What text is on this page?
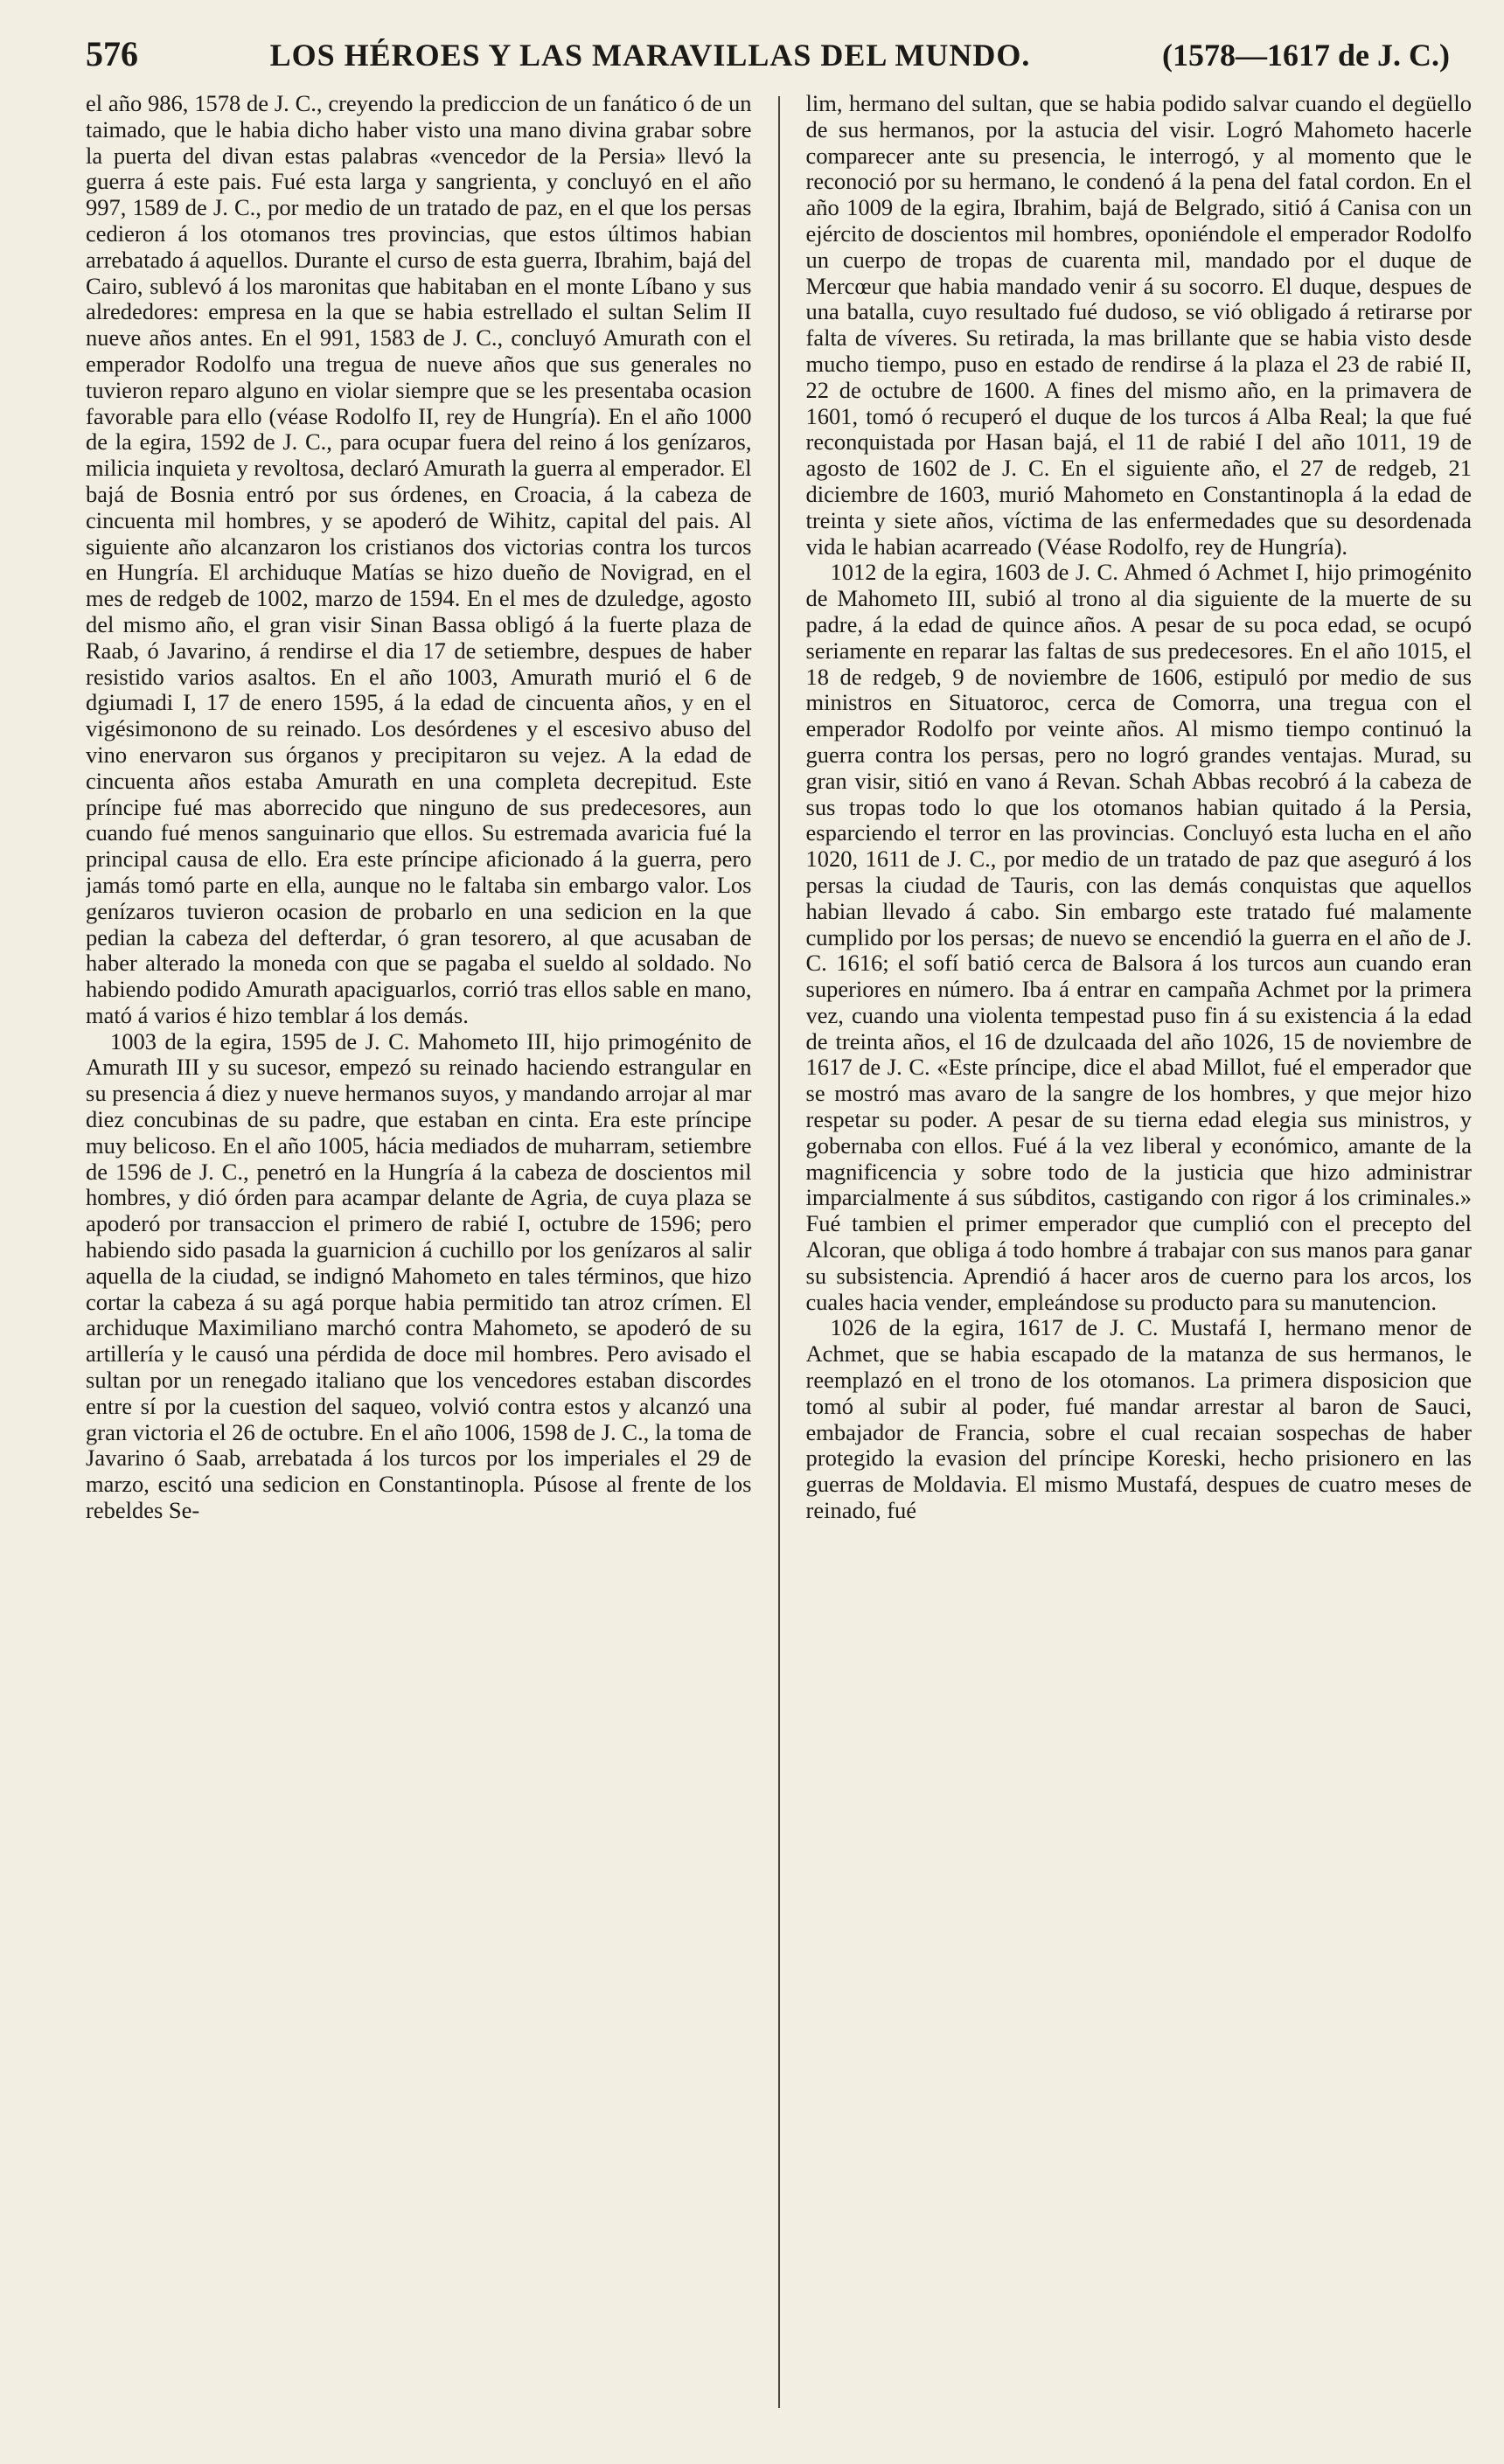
576	LOS HÉROES Y LAS MARAVILLAS DEL MUNDO.	(1578—1617 de J. C.)

el año 986, 1578 de J. C., creyendo la prediccion de un fanático ó de un taimado, que le habia dicho haber visto una mano divina grabar sobre la puerta del divan estas palabras «vencedor de la Persia» llevó la guerra á este pais. Fué esta larga y sangrienta, y concluyó en el año 997, 1589 de J. C., por medio de un tratado de paz, en el que los persas cedieron á los otomanos tres provincias, que estos últimos habian arrebatado á aquellos. Durante el curso de esta guerra, Ibrahim, bajá del Cairo, sublevó á los maronitas que habitaban en el monte Líbano y sus alrededores: empresa en la que se habia estrellado el sultan Selim II nueve años antes. En el 991, 1583 de J. C., concluyó Amurath con el emperador Rodolfo una tregua de nueve años que sus generales no tuvieron reparo alguno en violar siempre que se les presentaba ocasion favorable para ello (véase Rodolfo II, rey de Hungría). En el año 1000 de la egira, 1592 de J. C., para ocupar fuera del reino á los genízaros, milicia inquieta y revoltosa, declaró Amurath la guerra al emperador. El bajá de Bosnia entró por sus órdenes, en Croacia, á la cabeza de cincuenta mil hombres, y se apoderó de Wihitz, capital del pais. Al siguiente año alcanzaron los cristianos dos victorias contra los turcos en Hungría. El archiduque Matías se hizo dueño de Novigrad, en el mes de redgeb de 1002, marzo de 1594. En el mes de dzuledge, agosto del mismo año, el gran visir Sinan Bassa obligó á la fuerte plaza de Raab, ó Javarino, á rendirse el dia 17 de setiembre, despues de haber resistido varios asaltos. En el año 1003, Amurath murió el 6 de dgiumadi I, 17 de enero 1595, á la edad de cincuenta años, y en el vigésimonono de su reinado. Los desórdenes y el escesivo abuso del vino enervaron sus órganos y precipitaron su vejez. A la edad de cincuenta años estaba Amurath en una completa decrepitud. Este príncipe fué mas aborrecido que ninguno de sus predecesores, aun cuando fué menos sanguinario que ellos. Su estremada avaricia fué la principal causa de ello. Era este príncipe aficionado á la guerra, pero jamás tomó parte en ella, aunque no le faltaba sin embargo valor. Los genízaros tuvieron ocasion de probarlo en una sedicion en la que pedian la cabeza del defterdar, ó gran tesorero, al que acusaban de haber alterado la moneda con que se pagaba el sueldo al soldado. No habiendo podido Amurath apaciguarlos, corrió tras ellos sable en mano, mató á varios é hizo temblar á los demás.

1003 de la egira, 1595 de J. C. Mahometo III, hijo primogénito de Amurath III y su sucesor, empezó su reinado haciendo estrangular en su presencia á diez y nueve hermanos suyos, y mandando arrojar al mar diez concubinas de su padre, que estaban en cinta. Era este príncipe muy belicoso. En el año 1005, hácia mediados de muharram, setiembre de 1596 de J. C., penetró en la Hungría á la cabeza de doscientos mil hombres, y dió órden para acampar delante de Agria, de cuya plaza se apoderó por transaccion el primero de rabié I, octubre de 1596; pero habiendo sido pasada la guarnicion á cuchillo por los genízaros al salir aquella de la ciudad, se indignó Mahometo en tales términos, que hizo cortar la cabeza á su agá porque habia permitido tan atroz crímen. El archiduque Maximiliano marchó contra Mahometo, se apoderó de su artillería y le causó una pérdida de doce mil hombres. Pero avisado el sultan por un renegado italiano que los vencedores estaban discordes entre sí por la cuestion del saqueo, volvió contra estos y alcanzó una gran victoria el 26 de octubre. En el año 1006, 1598 de J. C., la toma de Javarino ó Saab, arrebatada á los turcos por los imperiales el 29 de marzo, escitó una sedicion en Constantinopla. Púsose al frente de los rebeldes Se-

lim, hermano del sultan, que se habia podido salvar cuando el degüello de sus hermanos, por la astucia del visir. Logró Mahometo hacerle comparecer ante su presencia, le interrogó, y al momento que le reconoció por su hermano, le condenó á la pena del fatal cordon. En el año 1009 de la egira, Ibrahim, bajá de Belgrado, sitió á Canisa con un ejército de doscientos mil hombres, oponiéndole el emperador Rodolfo un cuerpo de tropas de cuarenta mil, mandado por el duque de Mercœur que habia mandado venir á su socorro. El duque, despues de una batalla, cuyo resultado fué dudoso, se vió obligado á retirarse por falta de víveres. Su retirada, la mas brillante que se habia visto desde mucho tiempo, puso en estado de rendirse á la plaza el 23 de rabié II, 22 de octubre de 1600. A fines del mismo año, en la primavera de 1601, tomó ó recuperó el duque de los turcos á Alba Real; la que fué reconquistada por Hasan bajá, el 11 de rabié I del año 1011, 19 de agosto de 1602 de J. C. En el siguiente año, el 27 de redgeb, 21 diciembre de 1603, murió Mahometo en Constantinopla á la edad de treinta y siete años, víctima de las enfermedades que su desordenada vida le habian acarreado (Véase Rodolfo, rey de Hungría).

1012 de la egira, 1603 de J. C. Ahmed ó Achmet I, hijo primogénito de Mahometo III, subió al trono al dia siguiente de la muerte de su padre, á la edad de quince años. A pesar de su poca edad, se ocupó seriamente en reparar las faltas de sus predecesores. En el año 1015, el 18 de redgeb, 9 de noviembre de 1606, estipuló por medio de sus ministros en Situatoroc, cerca de Comorra, una tregua con el emperador Rodolfo por veinte años. Al mismo tiempo continuó la guerra contra los persas, pero no logró grandes ventajas. Murad, su gran visir, sitió en vano á Revan. Schah Abbas recobró á la cabeza de sus tropas todo lo que los otomanos habian quitado á la Persia, esparciendo el terror en las provincias. Concluyó esta lucha en el año 1020, 1611 de J. C., por medio de un tratado de paz que aseguró á los persas la ciudad de Tauris, con las demás conquistas que aquellos habian llevado á cabo. Sin embargo este tratado fué malamente cumplido por los persas; de nuevo se encendió la guerra en el año de J. C. 1616; el sofí batió cerca de Balsora á los turcos aun cuando eran superiores en número. Iba á entrar en campaña Achmet por la primera vez, cuando una violenta tempestad puso fin á su existencia á la edad de treinta años, el 16 de dzulcaada del año 1026, 15 de noviembre de 1617 de J. C. «Este príncipe, dice el abad Millot, fué el emperador que se mostró mas avaro de la sangre de los hombres, y que mejor hizo respetar su poder. A pesar de su tierna edad elegia sus ministros, y gobernaba con ellos. Fué á la vez liberal y económico, amante de la magnificencia y sobre todo de la justicia que hizo administrar imparcialmente á sus súbditos, castigando con rigor á los criminales.» Fué tambien el primer emperador que cumplió con el precepto del Alcoran, que obliga á todo hombre á trabajar con sus manos para ganar su subsistencia. Aprendió á hacer aros de cuerno para los arcos, los cuales hacia vender, empleándose su producto para su manutencion.

1026 de la egira, 1617 de J. C. Mustafá I, hermano menor de Achmet, que se habia escapado de la matanza de sus hermanos, le reemplazó en el trono de los otomanos. La primera disposicion que tomó al subir al poder, fué mandar arrestar al baron de Sauci, embajador de Francia, sobre el cual recaian sospechas de haber protegido la evasion del príncipe Koreski, hecho prisionero en las guerras de Moldavia. El mismo Mustafá, despues de cuatro meses de reinado, fué
